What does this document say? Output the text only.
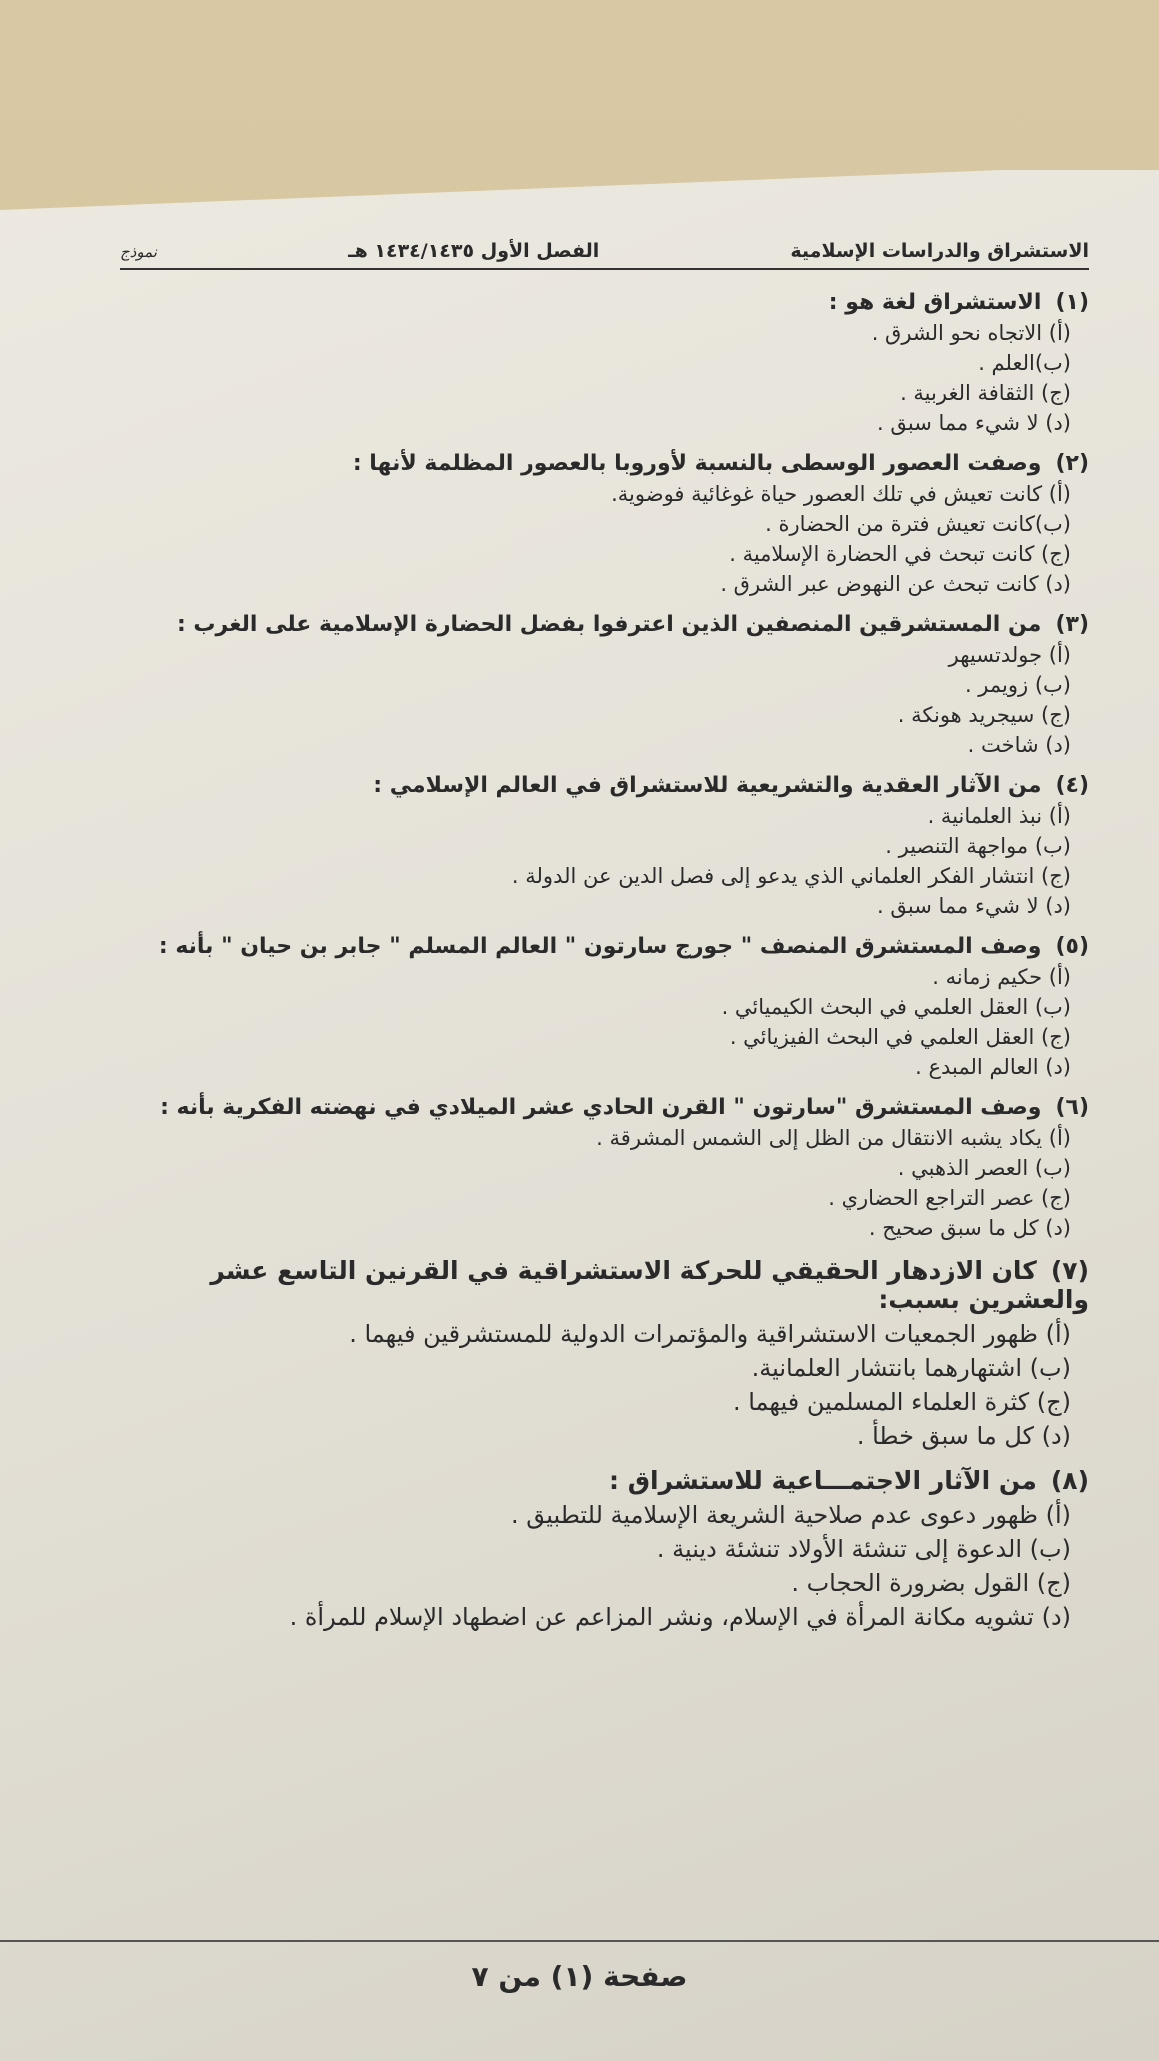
الاستشراق والدراسات الإسلامية
الفصل الأول ١٤٣٤/١٤٣٥ هـ
نموذج
(١)الاستشراق لغة هو :
(أ) الاتجاه نحو الشرق .
(ب)العلم .
(ج) الثقافة الغربية .
(د) لا شيء مما سبق .
(٢)وصفت العصور الوسطى بالنسبة لأوروبا بالعصور المظلمة لأنها :
(أ) كانت تعيش في تلك العصور حياة غوغائية فوضوية.
(ب)كانت تعيش فترة من الحضارة .
(ج) كانت تبحث في الحضارة الإسلامية .
(د) كانت تبحث عن النهوض عبر الشرق .
(٣)من المستشرقين المنصفين الذين اعترفوا بفضل الحضارة الإسلامية على الغرب :
(أ) جولدتسيهر
(ب) زويمر .
(ج) سيجريد هونكة .
(د) شاخت .
(٤)من الآثار العقدية والتشريعية للاستشراق في العالم الإسلامي :
(أ) نبذ العلمانية .
(ب) مواجهة التنصير .
(ج) انتشار الفكر العلماني الذي يدعو إلى فصل الدين عن الدولة .
(د) لا شيء مما سبق .
(٥)وصف المستشرق المنصف " جورج سارتون " العالم المسلم " جابر بن حيان " بأنه :
(أ) حكيم زمانه .
(ب) العقل العلمي في البحث الكيميائي .
(ج) العقل العلمي في البحث الفيزيائي .
(د) العالم المبدع .
(٦)وصف المستشرق "سارتون " القرن الحادي عشر الميلادي في نهضته الفكرية بأنه :
(أ) يكاد يشبه الانتقال من الظل إلى الشمس المشرقة .
(ب) العصر الذهبي .
(ج) عصر التراجع الحضاري .
(د) كل ما سبق صحيح .
(٧)كان الازدهار الحقيقي للحركة الاستشراقية في القرنين التاسع عشر والعشرين بسبب:
(أ) ظهور الجمعيات الاستشراقية والمؤتمرات الدولية للمستشرقين فيهما .
(ب) اشتهارهما بانتشار العلمانية.
(ج) كثرة العلماء المسلمين فيهما .
(د) كل ما سبق خطأ .
(٨)من الآثار الاجتمـــاعية للاستشراق :
(أ) ظهور دعوى عدم صلاحية الشريعة الإسلامية للتطبيق .
(ب) الدعوة إلى تنشئة الأولاد تنشئة دينية .
(ج) القول بضرورة الحجاب .
(د) تشويه مكانة المرأة في الإسلام، ونشر المزاعم عن اضطهاد الإسلام للمرأة .
صفحة (١) من ٧
